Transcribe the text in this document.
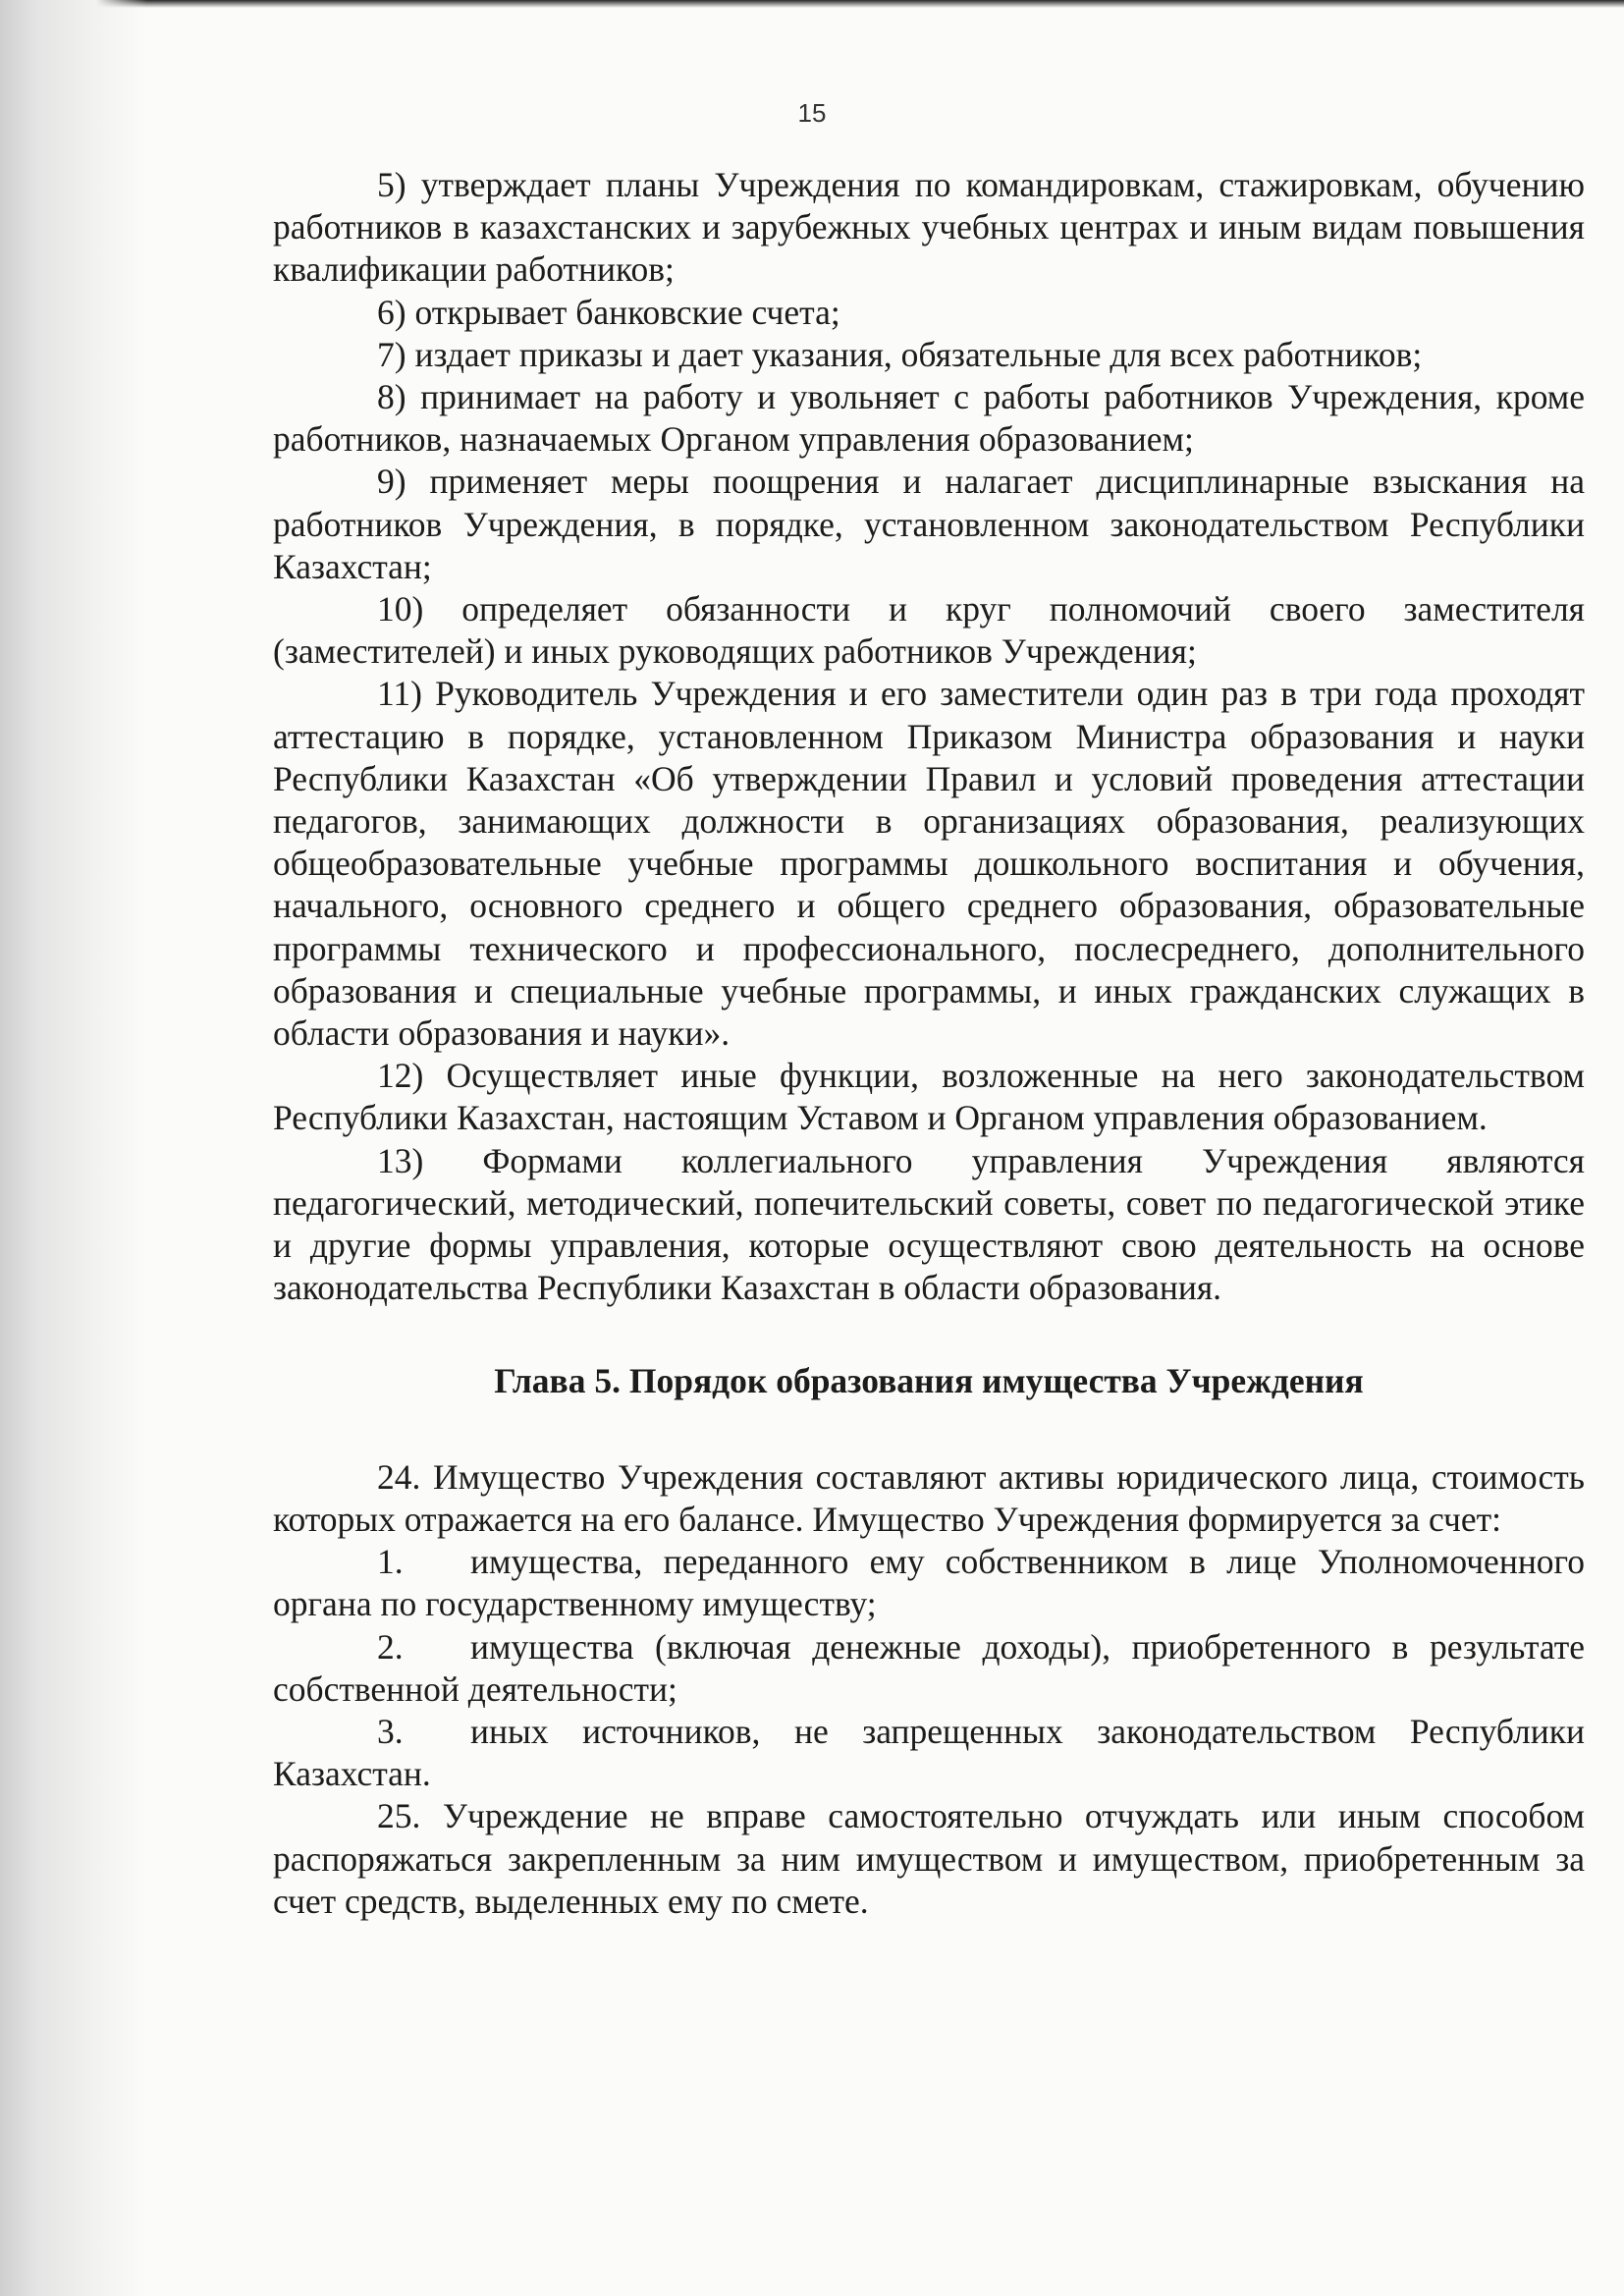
15

5) утверждает планы Учреждения по командировкам, стажировкам, обучению работников в казахстанских и зарубежных учебных центрах и иным видам повышения квалификации работников;

6) открывает банковские счета;

7) издает приказы и дает указания, обязательные для всех работников;

8) принимает на работу и увольняет с работы работников Учреждения, кроме работников, назначаемых Органом управления образованием;

9) применяет меры поощрения и налагает дисциплинарные взыскания на работников Учреждения, в порядке, установленном законодательством Республики Казахстан;

10) определяет обязанности и круг полномочий своего заместителя (заместителей) и иных руководящих работников Учреждения;

11) Руководитель Учреждения и его заместители один раз в три года проходят аттестацию в порядке, установленном Приказом Министра образования и науки Республики Казахстан «Об утверждении Правил и условий проведения аттестации педагогов, занимающих должности в организациях образования, реализующих общеобразовательные учебные программы дошкольного воспитания и обучения, начального, основного среднего и общего среднего образования, образовательные программы технического и профессионального, послесреднего, дополнительного образования и специальные учебные программы, и иных гражданских служащих в области образования и науки».

12) Осуществляет иные функции, возложенные на него законодательством Республики Казахстан, настоящим Уставом и Органом управления образованием.

13) Формами коллегиального управления Учреждения являются педагогический, методический, попечительский советы, совет по педагогической этике и другие формы управления, которые осуществляют свою деятельность на основе законодательства Республики Казахстан в области образования.

Глава 5. Порядок образования имущества Учреждения

24. Имущество Учреждения составляют активы юридического лица, стоимость которых отражается на его балансе. Имущество Учреждения формируется за счет:

1. имущества, переданного ему собственником в лице Уполномоченного органа по государственному имуществу;

2. имущества (включая денежные доходы), приобретенного в результате собственной деятельности;

3. иных источников, не запрещенных законодательством Республики Казахстан.

25. Учреждение не вправе самостоятельно отчуждать или иным способом распоряжаться закрепленным за ним имуществом и имуществом, приобретенным за счет средств, выделенных ему по смете.
